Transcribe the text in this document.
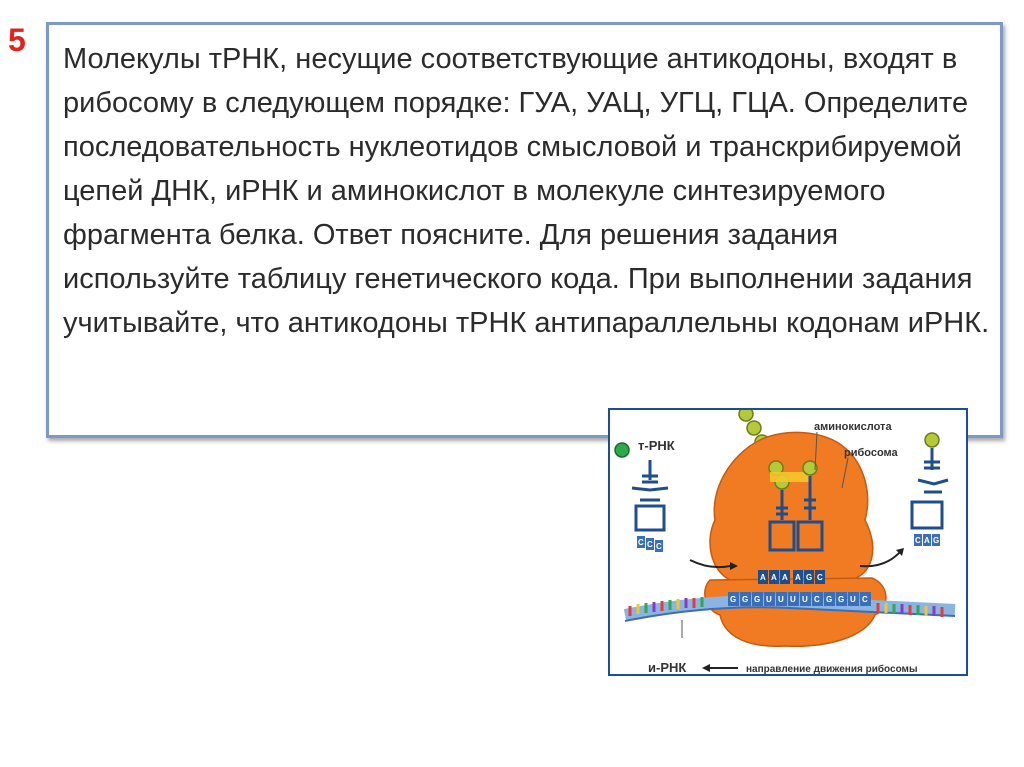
5
Молекулы тРНК, несущие соответствующие антикодоны, входят в рибосому в следующем порядке: ГУА, УАЦ, УГЦ, ГЦА. Определите последовательность нуклеотидов смысловой и транскрибируемой цепей ДНК, иРНК и аминокислот в молекуле синтезируемого фрагмента белка. Ответ поясните. Для решения задания используйте таблицу генетического кода. При выполнении задания учитывайте, что антикодоны тРНК антипараллельны кодонам иРНК.
A A A A G C
G G G U U U U C G G U C
C C C
C A G
аминокислота
рибосома
т-РНК
и-РНК	направление движения рибосомы
